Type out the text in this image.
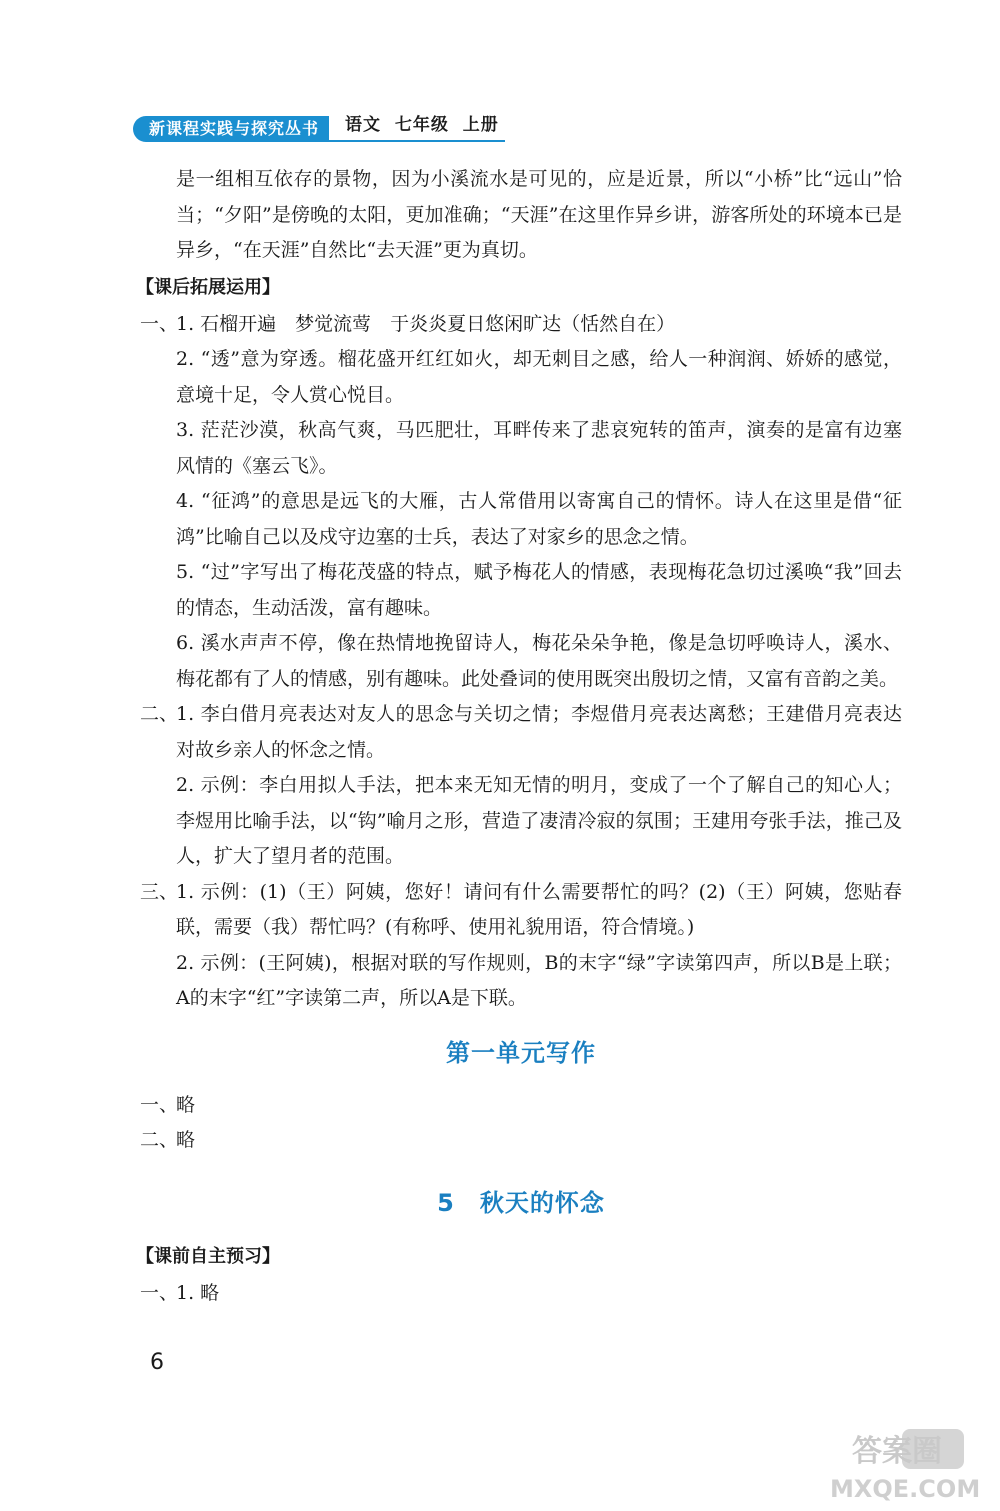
新课程实践与探究丛书	语文  七年级  上册

是一组相互依存的景物，因为小溪流水是可见的，应是近景，所以“小桥”比“远山”恰当；“夕阳”是傍晚的太阳，更加准确；“天涯”在这里作异乡讲，游客所处的环境本已是异乡，“在天涯”自然比“去天涯”更为真切。

【课后拓展运用】
一、
1. 石榴开遍　梦觉流莺　于炎炎夏日悠闲旷达（恬然自在）
2. “透”意为穿透。榴花盛开红红如火，却无刺目之感，给人一种润润、娇娇的感觉，意境十足，令人赏心悦目。
3. 茫茫沙漠，秋高气爽，马匹肥壮，耳畔传来了悲哀宛转的笛声，演奏的是富有边塞风情的《塞云飞》。
4. “征鸿”的意思是远飞的大雁，古人常借用以寄寓自己的情怀。诗人在这里是借“征鸿”比喻自己以及戍守边塞的士兵，表达了对家乡的思念之情。
5. “过”字写出了梅花茂盛的特点，赋予梅花人的情感，表现梅花急切过溪唤“我”回去的情态，生动活泼，富有趣味。
6. 溪水声声不停，像在热情地挽留诗人，梅花朵朵争艳，像是急切呼唤诗人，溪水、梅花都有了人的情感，别有趣味。此处叠词的使用既突出殷切之情，又富有音韵之美。
二、
1. 李白借月亮表达对友人的思念与关切之情；李煜借月亮表达离愁；王建借月亮表达对故乡亲人的怀念之情。
2. 示例：李白用拟人手法，把本来无知无情的明月，变成了一个了解自己的知心人；李煜用比喻手法，以“钩”喻月之形，营造了凄清冷寂的氛围；王建用夸张手法，推己及人，扩大了望月者的范围。
三、
1. 示例：(1)（王）阿姨，您好！请问有什么需要帮忙的吗？(2)（王）阿姨，您贴春联，需要（我）帮忙吗？(有称呼、使用礼貌用语，符合情境。)
2. 示例：(王阿姨)，根据对联的写作规则，B的末字“绿”字读第四声，所以B是上联；A的末字“红”字读第二声，所以A是下联。
第一单元写作
一、
略
二、
略
5　秋天的怀念
【课前自主预习】
一、
1. 略
6
答案圈
MXQE.COM
